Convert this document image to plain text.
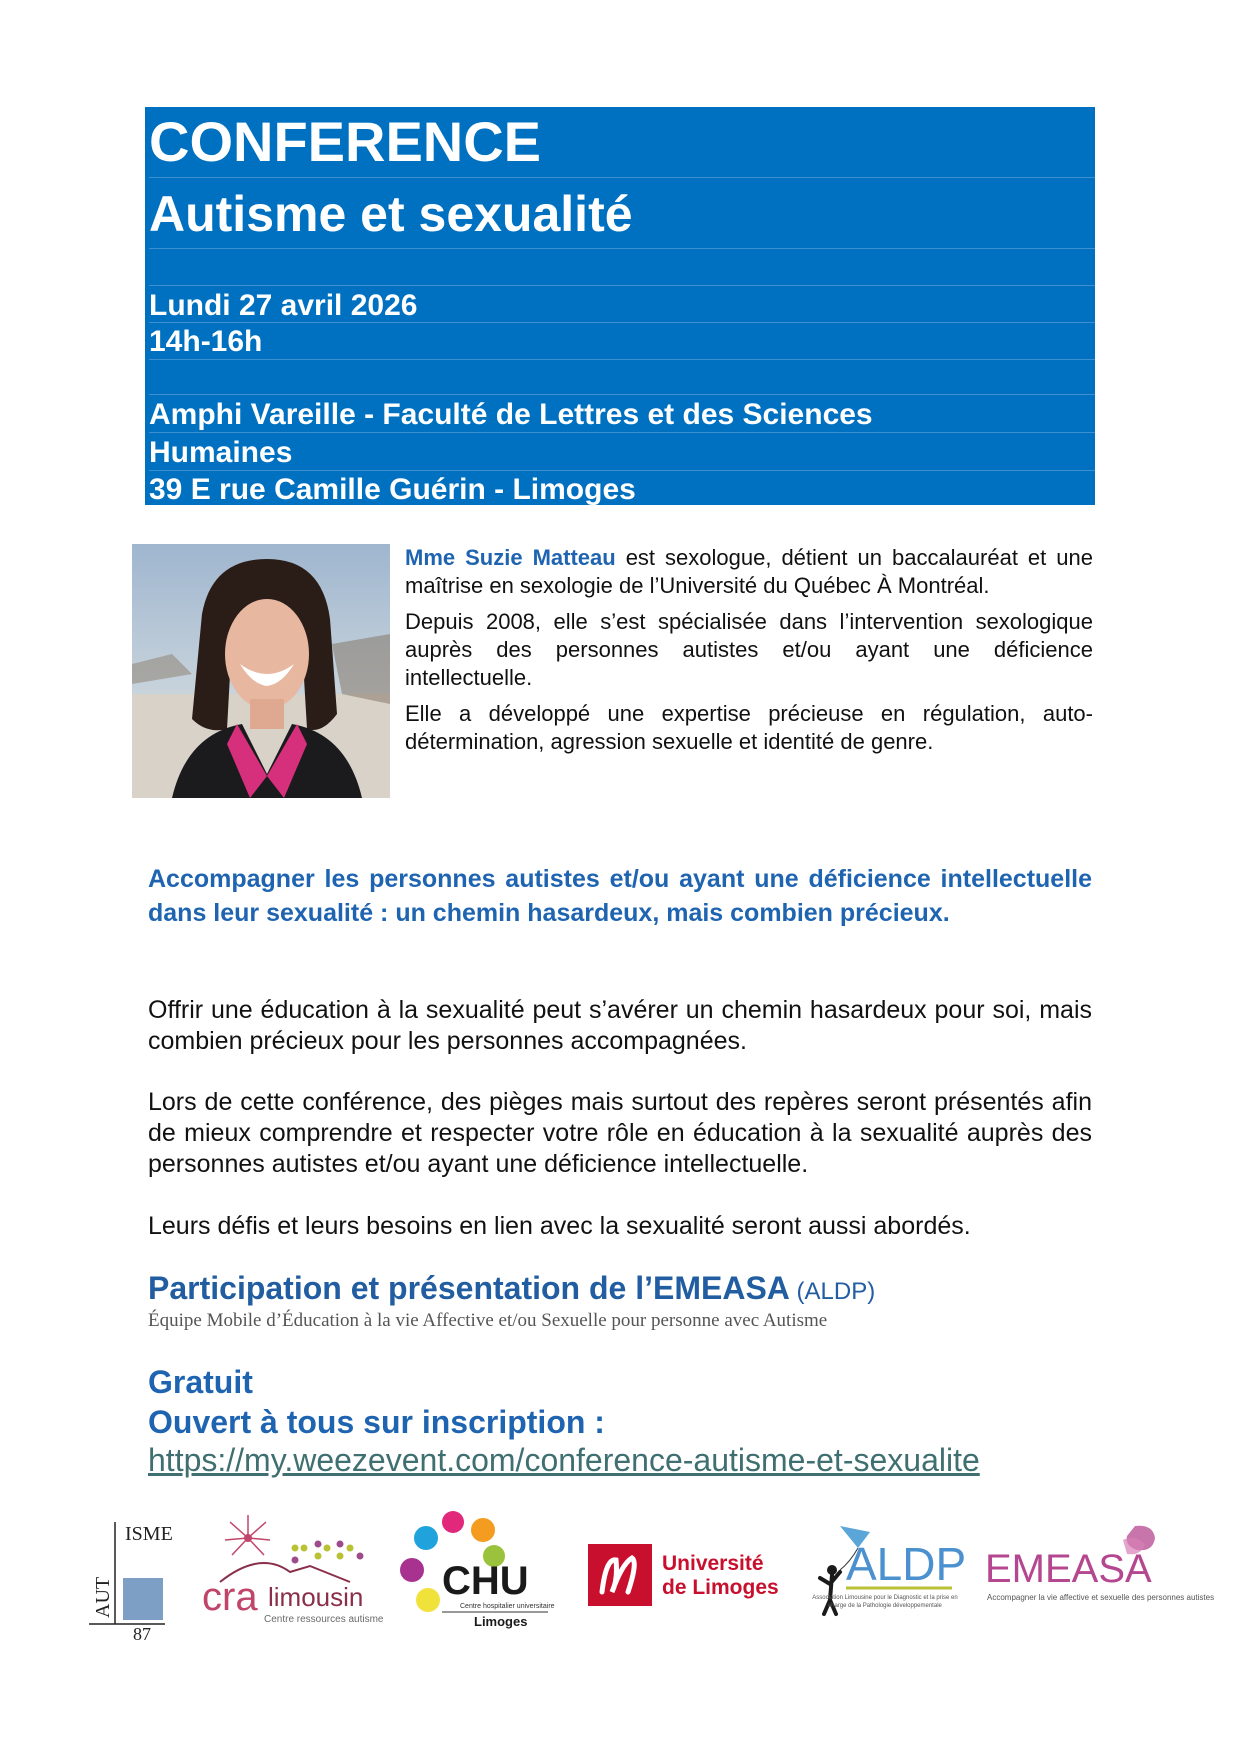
CONFERENCE
Autisme et sexualité
Lundi 27 avril 2026
14h-16h
Amphi Vareille - Faculté de Lettres et des Sciences
Humaines
39 E rue Camille Guérin - Limoges

Mme Suzie Matteau est sexologue, détient un baccalauréat et une maîtrise en sexologie de l’Université du Québec À Montréal.

Depuis 2008, elle s’est spécialisée dans l’intervention sexologique auprès des personnes autistes et/ou ayant une déficience intellectuelle.

Elle a développé une expertise précieuse en régulation, auto-détermination, agression sexuelle et identité de genre.

Accompagner les personnes autistes et/ou ayant une déficience intellectuelle dans leur sexualité : un chemin hasardeux, mais combien précieux.
Offrir une éducation à la sexualité peut s’avérer un chemin hasardeux pour soi, mais combien précieux pour les personnes accompagnées.
Lors de cette conférence, des pièges mais surtout des repères seront présentés afin de mieux comprendre et respecter votre rôle en éducation à la sexualité auprès des personnes autistes et/ou ayant une déficience intellectuelle.
Leurs défis et leurs besoins en lien avec la sexualité seront aussi abordés.
Participation et présentation de l’EMEASA (ALDP)
Équipe Mobile d’Éducation à la vie Affective et/ou Sexuelle pour personne avec Autisme
Gratuit
Ouvert à tous sur inscription :
https://my.weezevent.com/conference-autisme-et-sexualite
ISME
AUT
87
cra limousin
Centre ressources autisme
CHU
Centre hospitalier universitaire
Limoges
Université
de Limoges ALDP
Association Limousine pour le Diagnostic et la prise en charge de la Pathologie développementale
EMEASA
Accompagner la vie affective et sexuelle des personnes autistes
